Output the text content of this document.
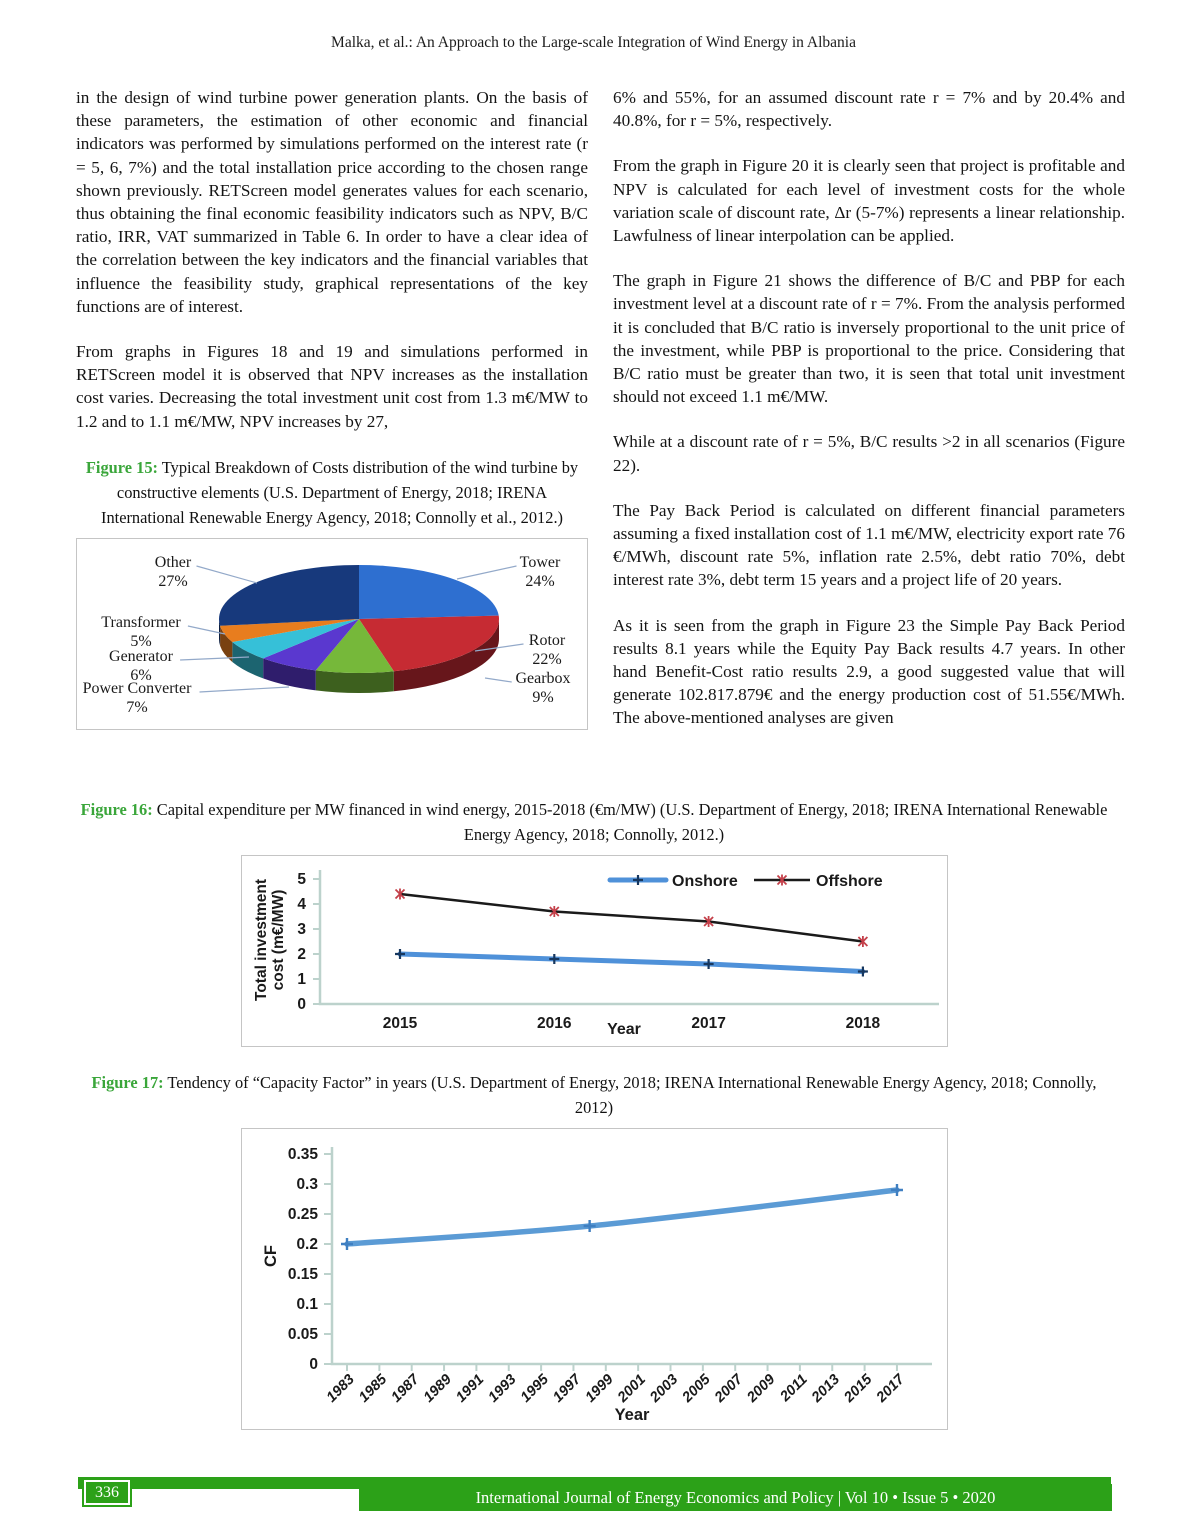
Malka, et al.: An Approach to the Large-scale Integration of Wind Energy in Albania

in the design of wind turbine power generation plants. On the basis of these parameters, the estimation of other economic and financial indicators was performed by simulations performed on the interest rate (r = 5, 6, 7%) and the total installation price according to the chosen range shown previously. RETScreen model generates values for each scenario, thus obtaining the final economic feasibility indicators such as NPV, B/C ratio, IRR, VAT summarized in Table 6. In order to have a clear idea of the correlation between the key indicators and the financial variables that influence the feasibility study, graphical representations of the key functions are of interest.

From graphs in Figures 18 and 19 and simulations performed in RETScreen model it is observed that NPV increases as the installation cost varies. Decreasing the total investment unit cost from 1.3 m€/MW to 1.2 and to 1.1 m€/MW, NPV increases by 27,

Figure 15: Typical Breakdown of Costs distribution of the wind turbine by constructive elements (U.S. Department of Energy, 2018; IRENA International Renewable Energy Agency, 2018; Connolly et al., 2012.)
Tower 24%
Rotor 22%
Gearbox 9%
Power Converter 7%
Generator 6%
Transformer 5%
Other 27%

6% and 55%, for an assumed discount rate r = 7% and by 20.4% and 40.8%, for r = 5%, respectively.

From the graph in Figure 20 it is clearly seen that project is profitable and NPV is calculated for each level of investment costs for the whole variation scale of discount rate, Δr (5-7%) represents a linear relationship. Lawfulness of linear interpolation can be applied.

The graph in Figure 21 shows the difference of B/C and PBP for each investment level at a discount rate of r = 7%. From the analysis performed it is concluded that B/C ratio is inversely proportional to the unit price of the investment, while PBP is proportional to the price. Considering that B/C ratio must be greater than two, it is seen that total unit investment should not exceed 1.1 m€/MW.

While at a discount rate of r = 5%, B/C results >2 in all scenarios (Figure 22).

The Pay Back Period is calculated on different financial parameters assuming a fixed installation cost of 1.1 m€/MW, electricity export rate 76 €/MWh, discount rate 5%, inflation rate 2.5%, debt ratio 70%, debt interest rate 3%, debt term 15 years and a project life of 20 years.

As it is seen from the graph in Figure 23 the Simple Pay Back Period results 8.1 years while the Equity Pay Back results 4.7 years. In other hand Benefit-Cost ratio results 2.9, a good suggested value that will generate 102.817.879€ and the energy production cost of 51.55€/MWh. The above-mentioned analyses are given

Figure 16: Capital expenditure per MW financed in wind energy, 2015-2018 (€m/MW) (U.S. Department of Energy, 2018; IRENA International Renewable Energy Agency, 2018; Connolly, 2012.)
5
4
3
2
1
0
2015	2016	2017	2018
Year
Total investmentcost (m€/MW)
Onshore	Offshore
Figure 17: Tendency of “Capacity Factor” in years (U.S. Department of Energy, 2018; IRENA International Renewable Energy Agency, 2018; Connolly, 2012)
0.35
0.3
0.25
0.2
0.15
0.1
0.05
0
1983
1985
1987
1989
1991
1993
1995
1997
1999
2001
2003
2005
2007
2009
2011
2013
2015
2017
CF
Year
336	International Journal of Energy Economics and Policy | Vol 10 • Issue 5 • 2020
